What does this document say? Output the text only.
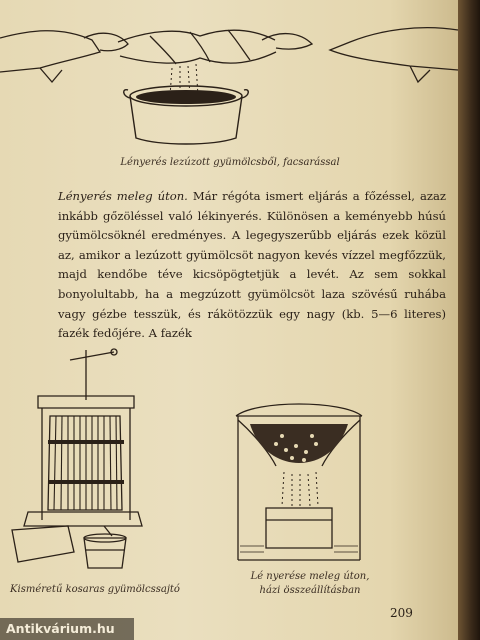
Lényerés lezúzott gyümölcsből, facsarással
Lényerés meleg úton. Már régóta ismert eljárás a főzéssel, azaz inkább gőzöléssel való lékinyerés. Különösen a keményebb húsú gyümölcsöknél eredményes. A legegyszerűbb eljárás ezek közül az, amikor a lezúzott gyümölcsöt nagyon kevés vízzel megfőzzük, majd kendőbe téve kicsöpögtetjük a levét. Az sem sokkal bonyolultabb, ha a megzúzott gyümölcsöt laza szövésű ruhába vagy gézbe tesszük, és rákötözzük egy nagy (kb. 5—6 literes) fazék fedőjére. A fazék
Kisméretű kosaras gyümölcssajtó
Lé nyerése meleg úton,
házi összeállításban
209
Antikvárium.hu
